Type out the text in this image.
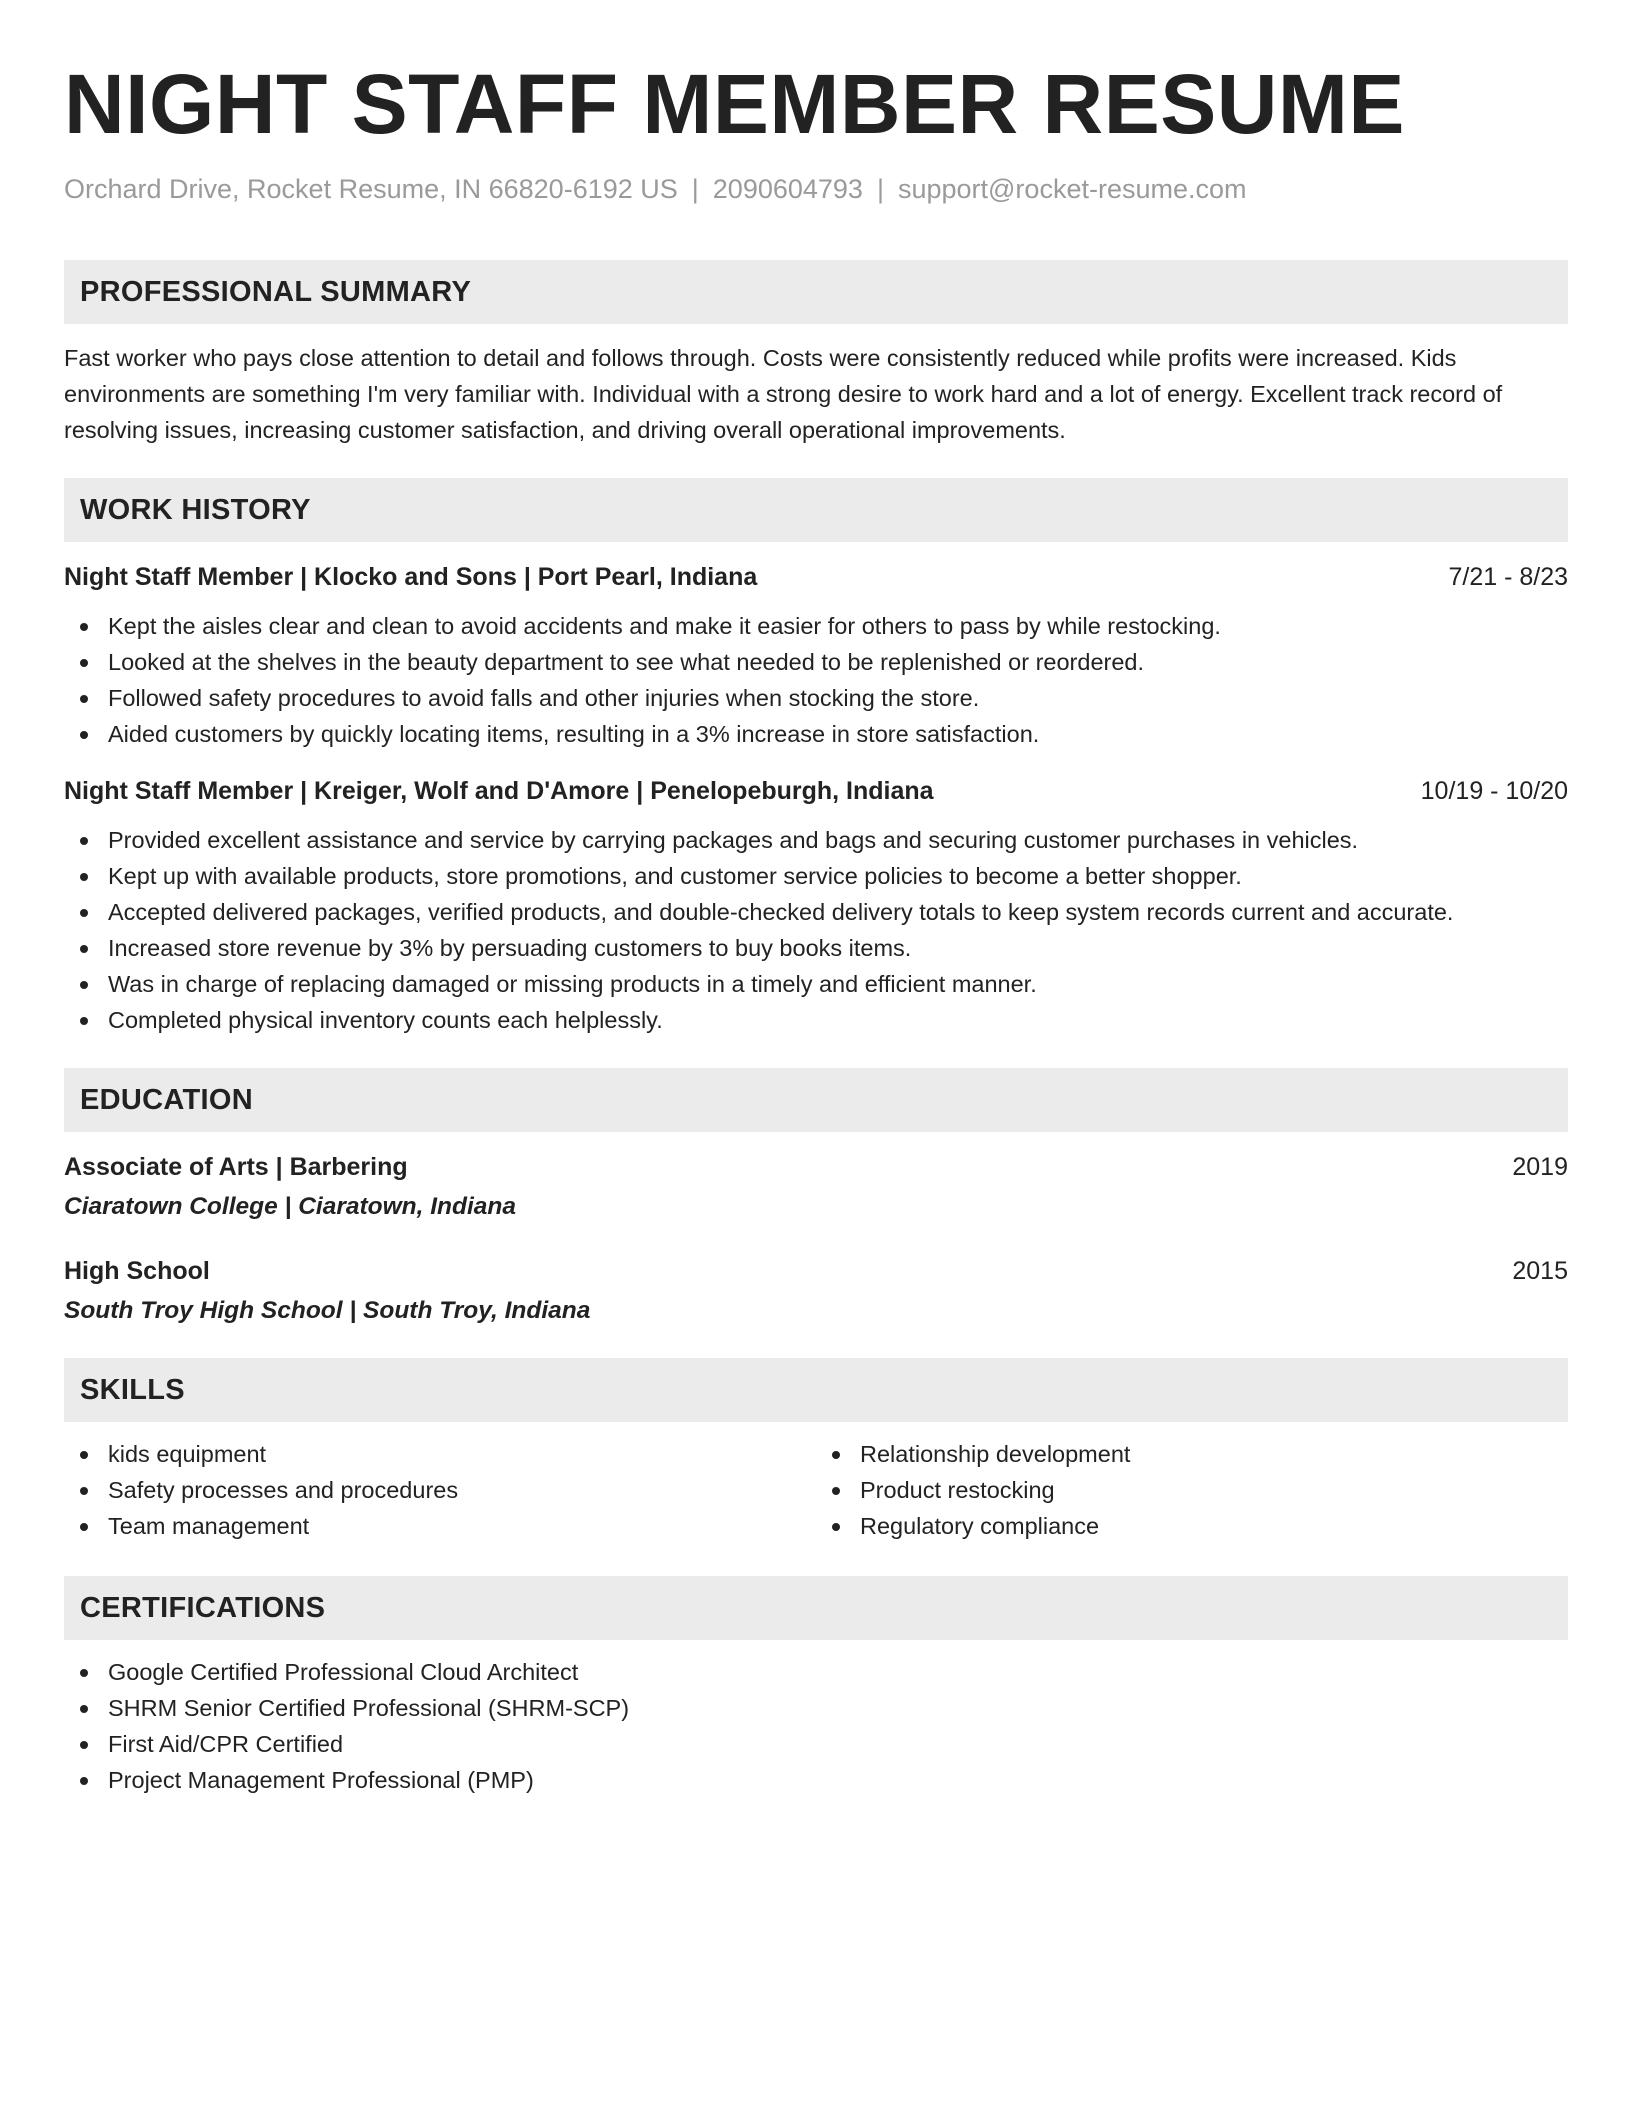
NIGHT STAFF MEMBER RESUME
Orchard Drive, Rocket Resume, IN 66820-6192 US | 2090604793 | support@rocket-resume.com
PROFESSIONAL SUMMARY

Fast worker who pays close attention to detail and follows through. Costs were consistently reduced while profits were increased. Kids environments are something I'm very familiar with. Individual with a strong desire to work hard and a lot of energy. Excellent track record of resolving issues, increasing customer satisfaction, and driving overall operational improvements.

WORK HISTORY
Night Staff Member | Klocko and Sons | Port Pearl, Indiana	7/21 - 8/23
Kept the aisles clear and clean to avoid accidents and make it easier for others to pass by while restocking.
Looked at the shelves in the beauty department to see what needed to be replenished or reordered.
Followed safety procedures to avoid falls and other injuries when stocking the store.
Aided customers by quickly locating items, resulting in a 3% increase in store satisfaction.
Night Staff Member | Kreiger, Wolf and D'Amore | Penelopeburgh, Indiana	10/19 - 10/20
Provided excellent assistance and service by carrying packages and bags and securing customer purchases in vehicles.
Kept up with available products, store promotions, and customer service policies to become a better shopper.
Accepted delivered packages, verified products, and double-checked delivery totals to keep system records current and accurate.
Increased store revenue by 3% by persuading customers to buy books items.
Was in charge of replacing damaged or missing products in a timely and efficient manner.
Completed physical inventory counts each helplessly.
EDUCATION
Associate of Arts | Barbering	2019
Ciaratown College | Ciaratown, Indiana
High School	2015
South Troy High School | South Troy, Indiana
SKILLS
kids equipment
Safety processes and procedures
Team management
Relationship development
Product restocking
Regulatory compliance
CERTIFICATIONS
Google Certified Professional Cloud Architect
SHRM Senior Certified Professional (SHRM-SCP)
First Aid/CPR Certified
Project Management Professional (PMP)
